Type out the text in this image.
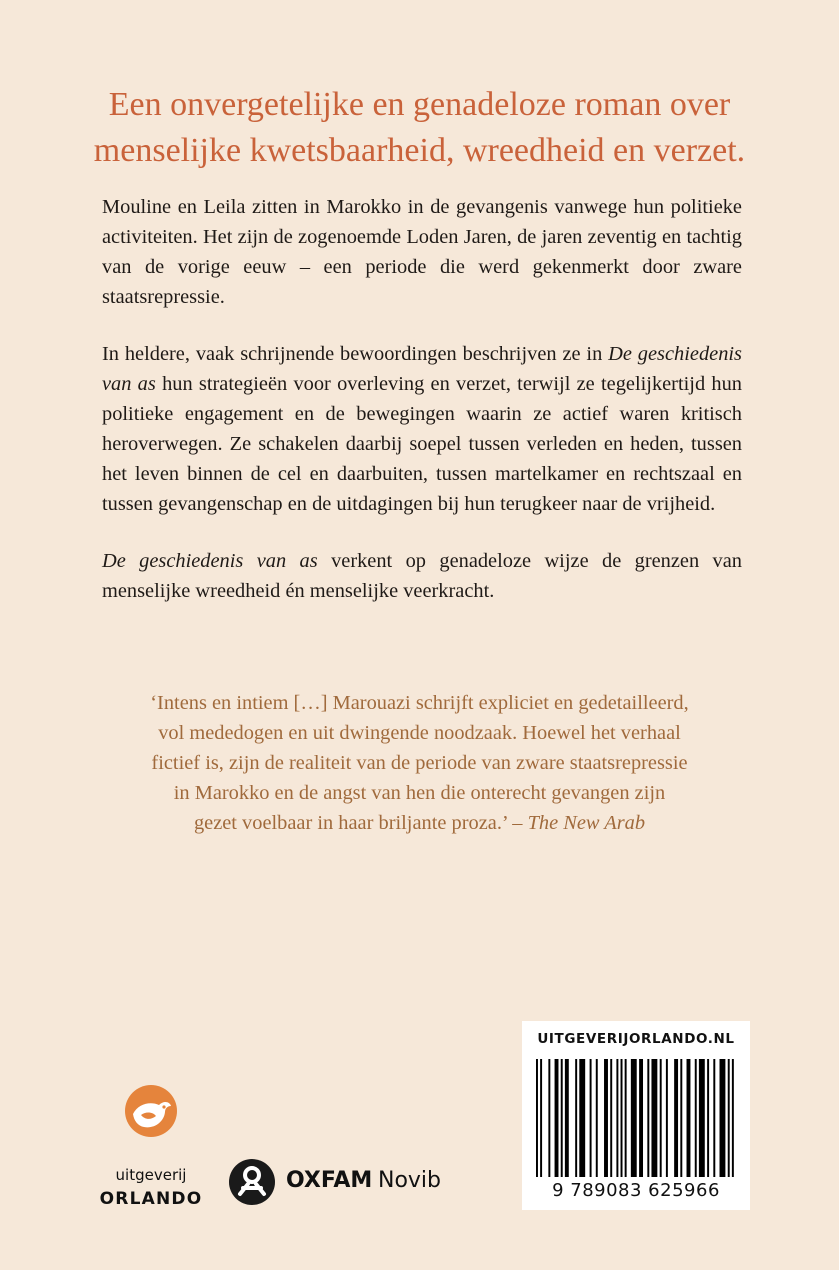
Een onvergetelijke en genadeloze roman over
menselijke kwetsbaarheid, wreedheid en verzet.

Mouline en Leila zitten in Marokko in de gevangenis vanwege hun politieke activiteiten. Het zijn de zogenoemde Loden Jaren, de jaren zeventig en tachtig van de vorige eeuw – een periode die werd gekenmerkt door zware staatsrepressie.

In heldere, vaak schrijnende bewoordingen beschrijven ze in De geschiedenis van as hun strategieën voor overleving en verzet, terwijl ze tegelijkertijd hun politieke engagement en de bewegingen waarin ze actief waren kritisch heroverwegen. Ze schakelen daarbij soepel tussen verleden en heden, tussen het leven binnen de cel en daarbuiten, tussen martelkamer en rechtszaal en tussen gevangenschap en de uitdagingen bij hun terugkeer naar de vrijheid.

De geschiedenis van as verkent op genadeloze wijze de grenzen van menselijke wreedheid én menselijke veerkracht.

‘Intens en intiem […] Marouazi schrijft expliciet en gedetailleerd,
vol mededogen en uit dwingende noodzaak. Hoewel het verhaal
fictief is, zijn de realiteit van de periode van zware staatsrepressie
in Marokko en de angst van hen die onterecht gevangen zijn
gezet voelbaar in haar briljante proza.’ – The New Arab
uitgeverij
ORLANDO
OXFAM Novib
UITGEVERIJORLANDO.NL
9 789083 625966
